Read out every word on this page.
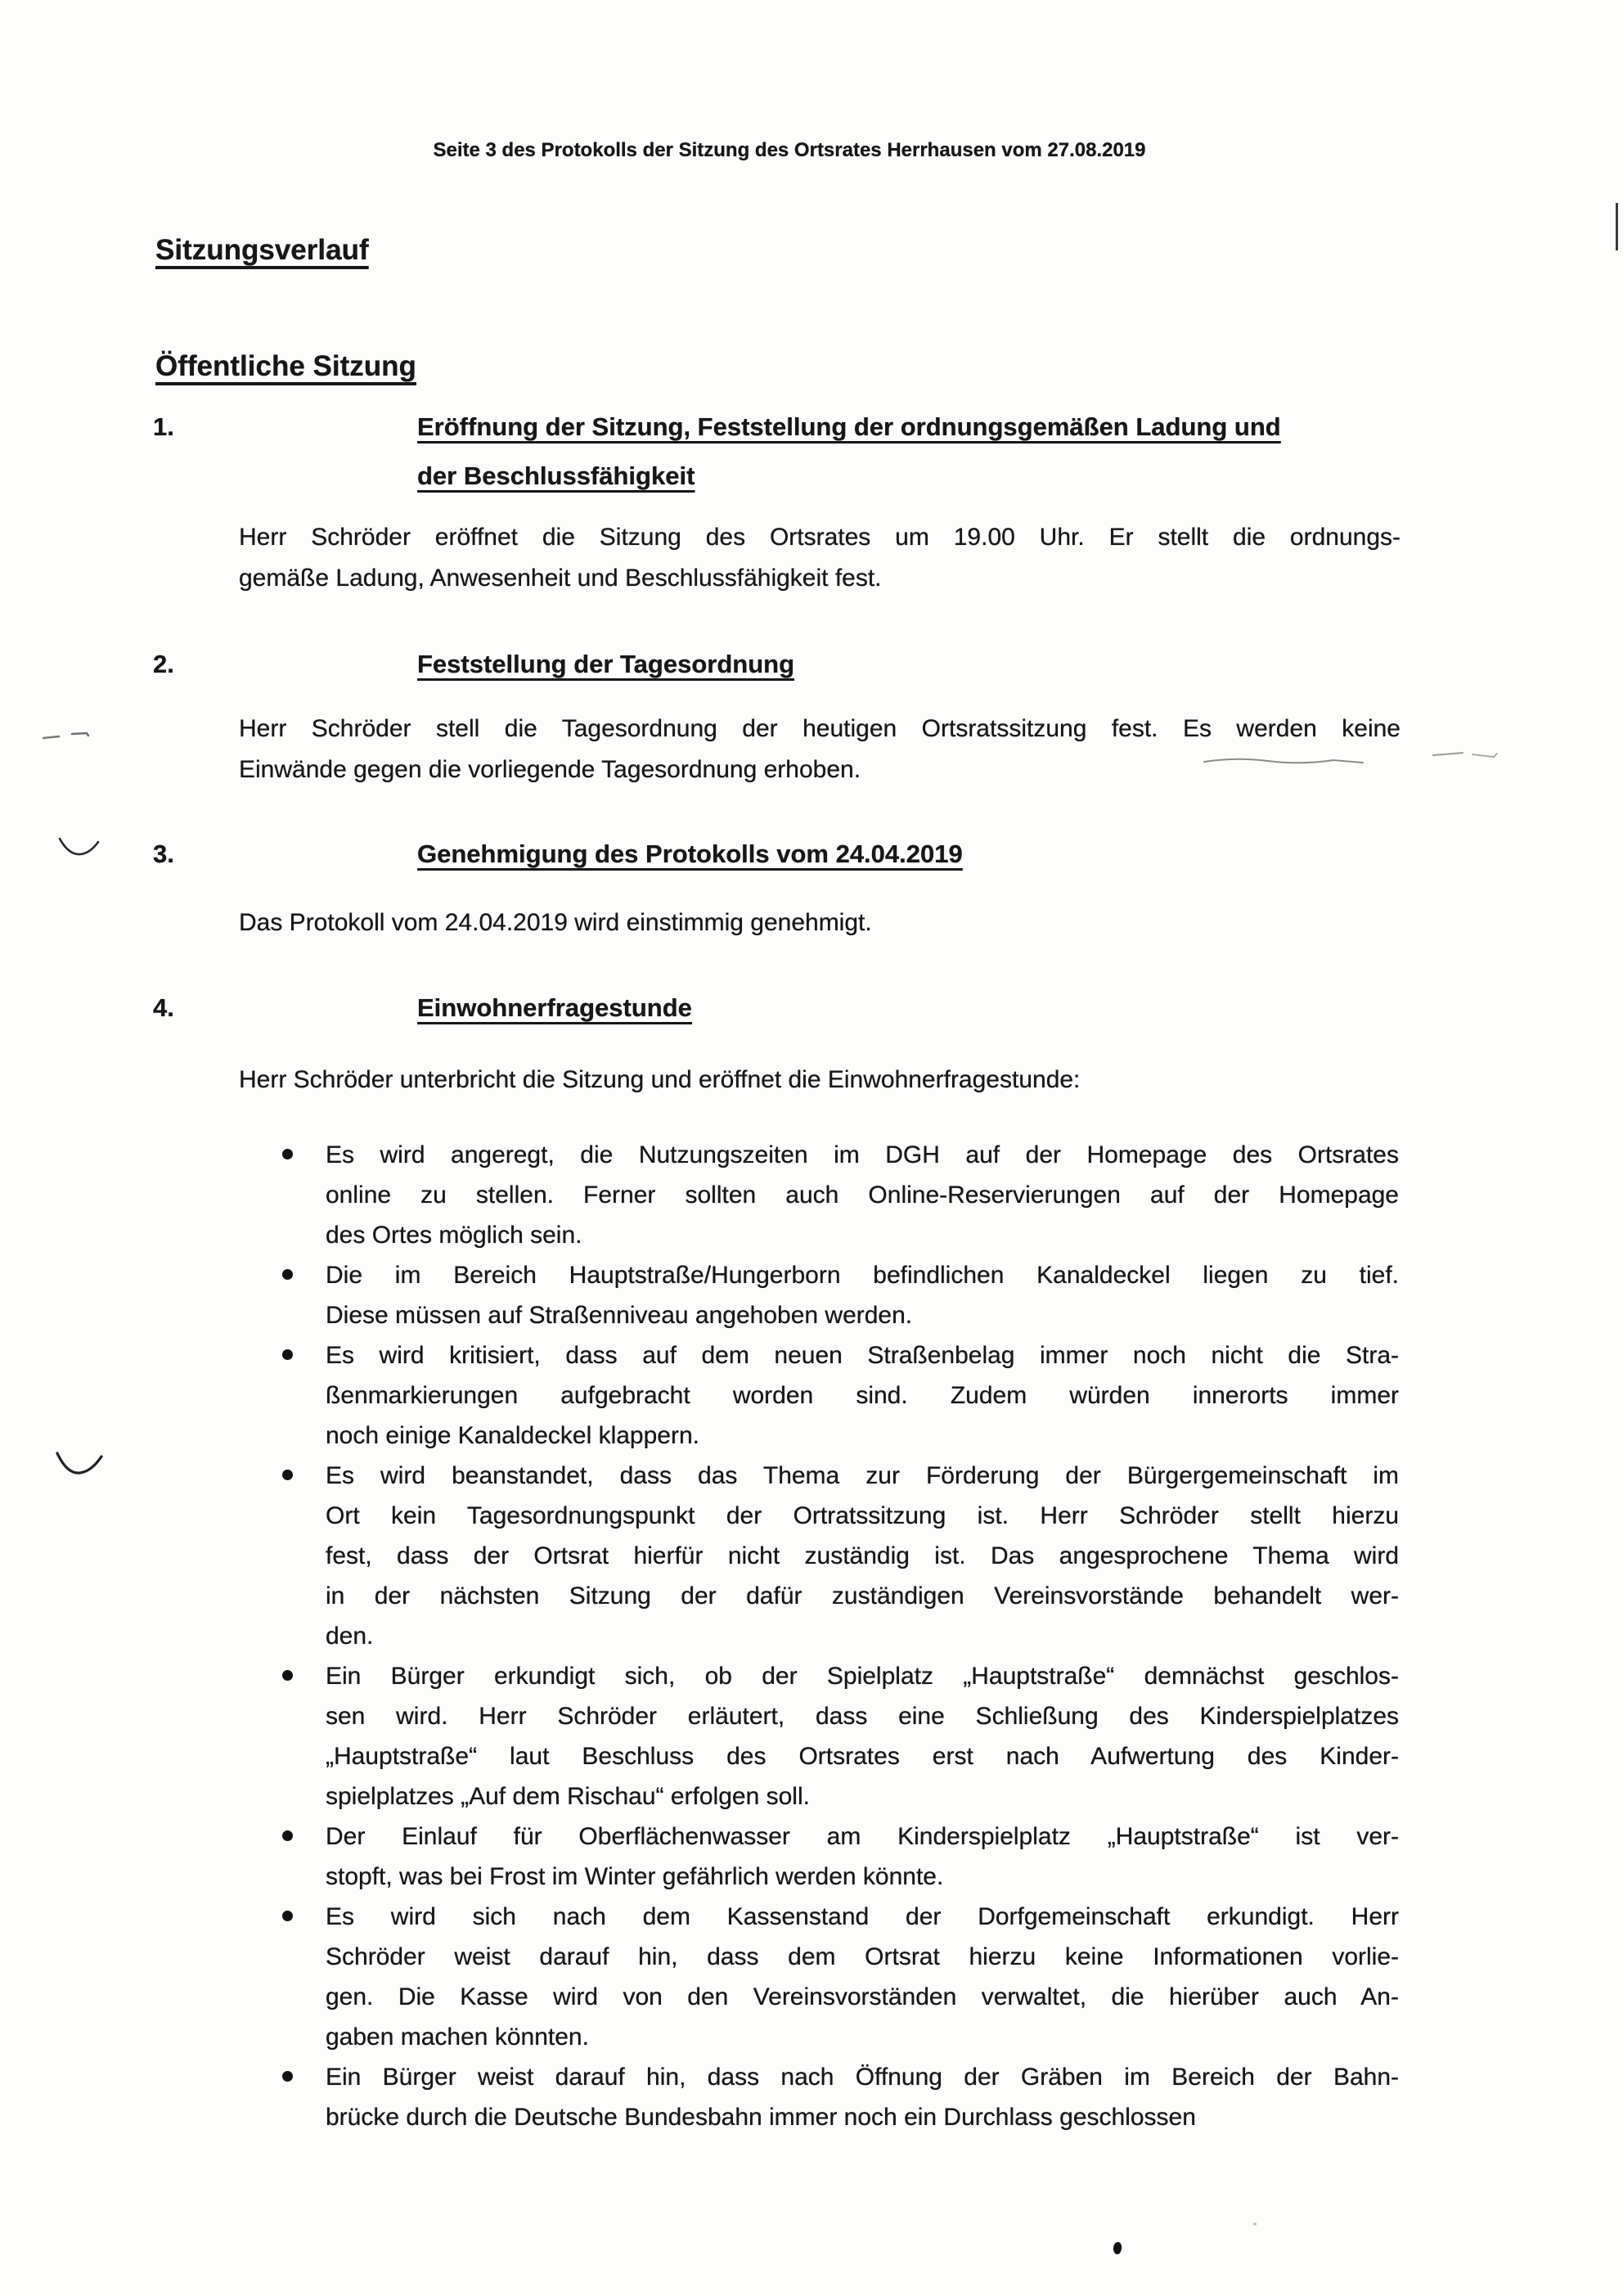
Seite 3 des Protokolls der Sitzung des Ortsrates Herrhausen vom 27.08.2019
Sitzungsverlauf
Öffentliche Sitzung
1.	Eröffnung der Sitzung, Feststellung der ordnungsgemäßen Ladung und
der Beschlussfähigkeit
Herr Schröder eröffnet die Sitzung des Ortsrates um 19.00 Uhr. Er stellt die ordnungs-
gemäße Ladung, Anwesenheit und Beschlussfähigkeit fest.
2.	Feststellung der Tagesordnung
Herr Schröder stell die Tagesordnung der heutigen Ortsratssitzung fest. Es werden keine
Einwände gegen die vorliegende Tagesordnung erhoben.
3.	Genehmigung des Protokolls vom 24.04.2019
Das Protokoll vom 24.04.2019 wird einstimmig genehmigt.
4.	Einwohnerfragestunde
Herr Schröder unterbricht die Sitzung und eröffnet die Einwohnerfragestunde:
Es wird angeregt, die Nutzungszeiten im DGH auf der Homepage des Ortsrates
online zu stellen. Ferner sollten auch Online-Reservierungen auf der Homepage
des Ortes möglich sein.
Die im Bereich Hauptstraße/Hungerborn befindlichen Kanaldeckel liegen zu tief.
Diese müssen auf Straßenniveau angehoben werden.
Es wird kritisiert, dass auf dem neuen Straßenbelag immer noch nicht die Stra-
ßenmarkierungen aufgebracht worden sind. Zudem würden innerorts immer
noch einige Kanaldeckel klappern.
Es wird beanstandet, dass das Thema zur Förderung der Bürgergemeinschaft im
Ort kein Tagesordnungspunkt der Ortratssitzung ist. Herr Schröder stellt hierzu
fest, dass der Ortsrat hierfür nicht zuständig ist. Das angesprochene Thema wird
in der nächsten Sitzung der dafür zuständigen Vereinsvorstände behandelt wer-
den.
Ein Bürger erkundigt sich, ob der Spielplatz „Hauptstraße“ demnächst geschlos-
sen wird. Herr Schröder erläutert, dass eine Schließung des Kinderspielplatzes
„Hauptstraße“ laut Beschluss des Ortsrates erst nach Aufwertung des Kinder-
spielplatzes „Auf dem Rischau“ erfolgen soll.
Der Einlauf für Oberflächenwasser am Kinderspielplatz „Hauptstraße“ ist ver-
stopft, was bei Frost im Winter gefährlich werden könnte.
Es wird sich nach dem Kassenstand der Dorfgemeinschaft erkundigt. Herr
Schröder weist darauf hin, dass dem Ortsrat hierzu keine Informationen vorlie-
gen. Die Kasse wird von den Vereinsvorständen verwaltet, die hierüber auch An-
gaben machen könnten.
Ein Bürger weist darauf hin, dass nach Öffnung der Gräben im Bereich der Bahn-
brücke durch die Deutsche Bundesbahn immer noch ein Durchlass geschlossen
